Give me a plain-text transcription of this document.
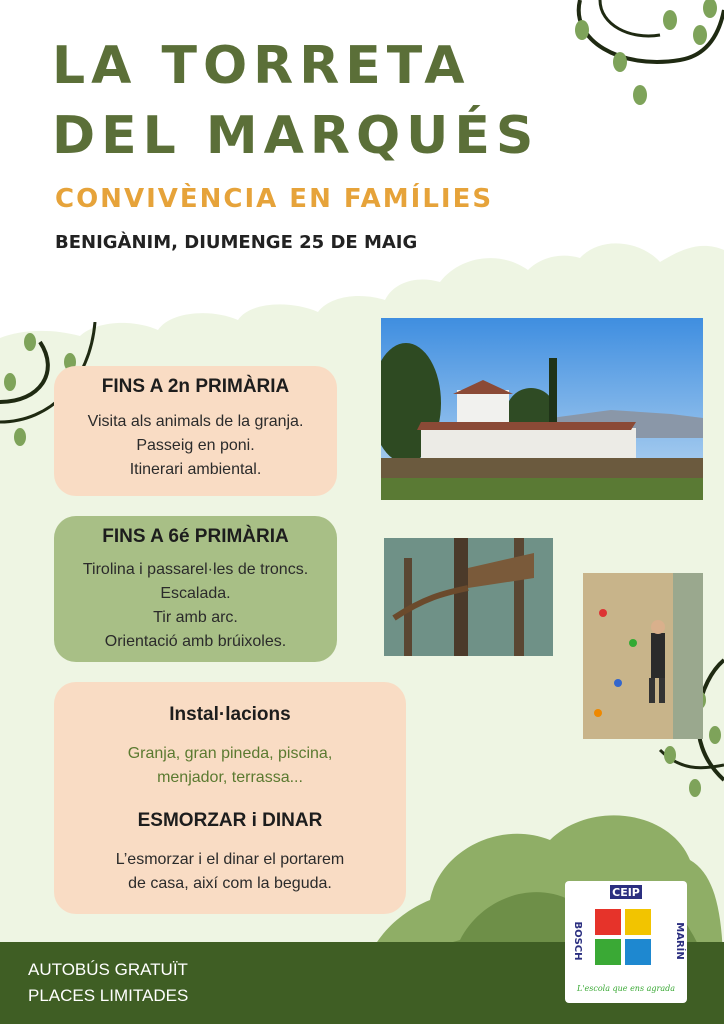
LA TORRETA
DEL MARQUÉS

CONVIVÈNCIA EN FAMÍLIES

BENIGÀNIM, DIUMENGE 25 DE MAIG

FINS A 2n PRIMÀRIA

Visita als animals de la granja.

Passeig en poni.

Itinerari ambiental.

FINS A 6é PRIMÀRIA

Tirolina i passarel·les de troncs.

Escalada.

Tir amb arc.

Orientació amb brúixoles.

Instal·lacions

Granja, gran pineda, piscina,

menjador, terrassa...

ESMORZAR i DINAR

L’esmorzar i el dinar el portarem

de casa, així com la beguda.

AUTOBÚS GRATUÏT
PLACES LIMITADES

CEIP
BOSCH	MARÍN
L'escola que ens agrada
